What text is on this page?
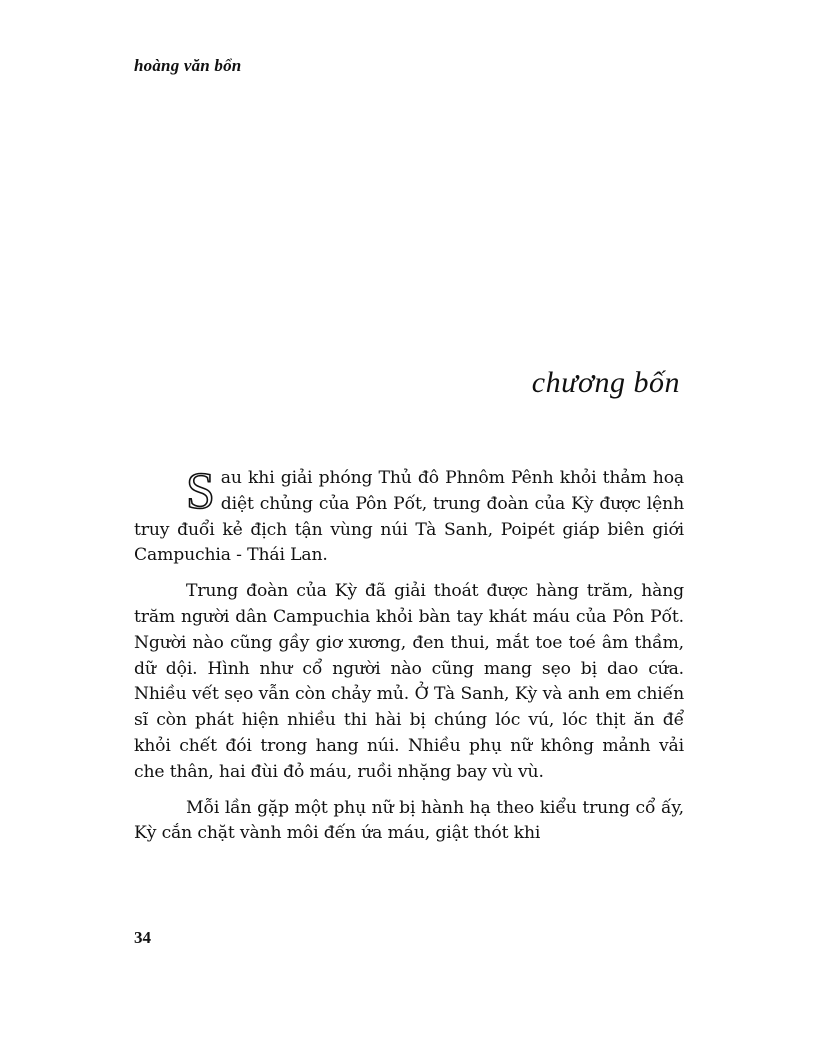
hoàng văn bổn
chương bốn

Sau khi giải phóng Thủ đô Phnôm Pênh khỏi thảm hoạ diệt chủng của Pôn Pốt, trung đoàn của Kỳ được lệnh truy đuổi kẻ địch tận vùng núi Tà Sanh, Poipét giáp biên giới Campuchia - Thái Lan.

Trung đoàn của Kỳ đã giải thoát được hàng trăm, hàng trăm người dân Campuchia khỏi bàn tay khát máu của Pôn Pốt. Người nào cũng gầy giơ xương, đen thui, mắt toe toé âm thầm, dữ dội. Hình như cổ người nào cũng mang sẹo bị dao cứa. Nhiều vết sẹo vẫn còn chảy mủ. Ở Tà Sanh, Kỳ và anh em chiến sĩ còn phát hiện nhiều thi hài bị chúng lóc vú, lóc thịt ăn để khỏi chết đói trong hang núi. Nhiều phụ nữ không mảnh vải che thân, hai đùi đỏ máu, ruồi nhặng bay vù vù.

Mỗi lần gặp một phụ nữ bị hành hạ theo kiểu trung cổ ấy, Kỳ cắn chặt vành môi đến ứa máu, giật thót khi

34
